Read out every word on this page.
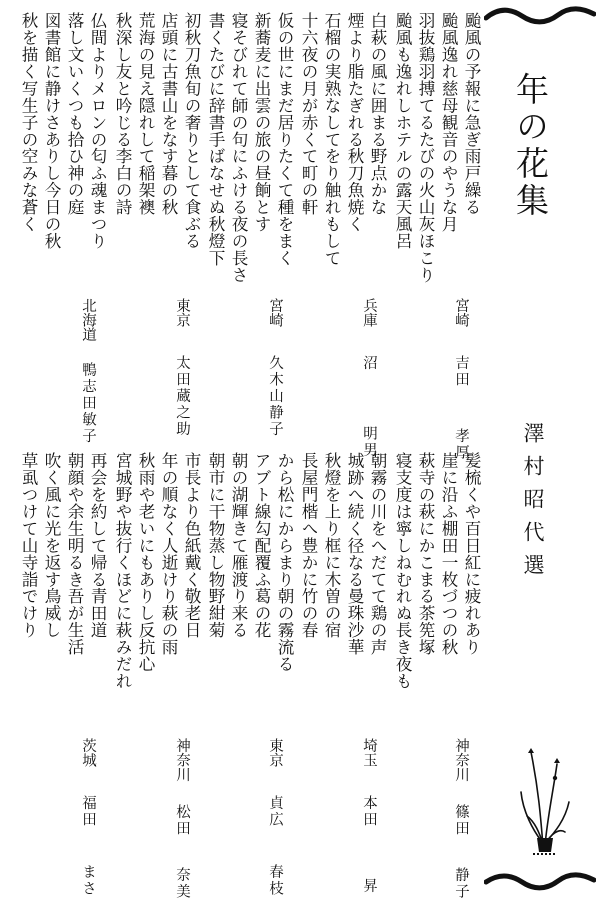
年の花集
澤村昭代選
颱風の予報に急ぎ雨戸繰る
颱風逸れ慈母観音のやうな月
羽抜鶏羽搏てるたびの火山灰ほこり
颱風も逸れしホテルの露天風呂
白萩の風に囲まる野点かな
煙より脂たぎれる秋刀魚焼く
石榴の実熟なしてをり触れもして
十六夜の月が赤くて町の軒
仮の世にまだ居りたくて種をまく
新蕎麦に出雲の旅の昼餉とす
寝そびれて師の句にふける夜の長さ
書くたびに辞書手ばなせぬ秋燈下
初秋刀魚旬の奢りとして食ぶる
店頭に古書山をなす暮の秋
荒海の見え隠れして稲架襖
秋深し友と吟じる李白の詩
仏間よりメロンの匂ふ魂まつり
落し文いくつも拾ひ神の庭
図書館に静けさありし今日の秋
秋を描く写生子の空みな蒼く
宮崎
吉田孝厚
兵庫
沼明男
宮崎
久木山静子
東京
太田蔵之助
北海道
鴨志田敏子
髪梳くや百日紅に疲れあり
崖に沿ふ棚田一枚づつの秋
萩寺の萩にかこまる茶筅塚
寝支度は寧しねむれぬ長き夜も
朝霧の川をへだてて鶏の声
城跡へ続く径なる曼珠沙華
秋燈を上り框に木曽の宿
長屋門楷へ豊かに竹の春
から松にからまり朝の霧流る
アブト線勾配覆ふ葛の花
朝の湖輝きて雁渡り来る
朝市に干物蒸し物野紺菊
市長より色紙戴く敬老日
年の順なく人逝けり萩の雨
秋雨や老いにもありし反抗心
宮城野や抜行くほどに萩みだれ
再会を約して帰る青田道
朝顔や余生明るき吾が生活
吹く風に光を返す鳥威し
草虱つけて山寺詣でけり
神奈川
篠田静子
埼玉
本田昇
東京
貞広春枝
神奈川
松田奈美
茨城
福田まさ
